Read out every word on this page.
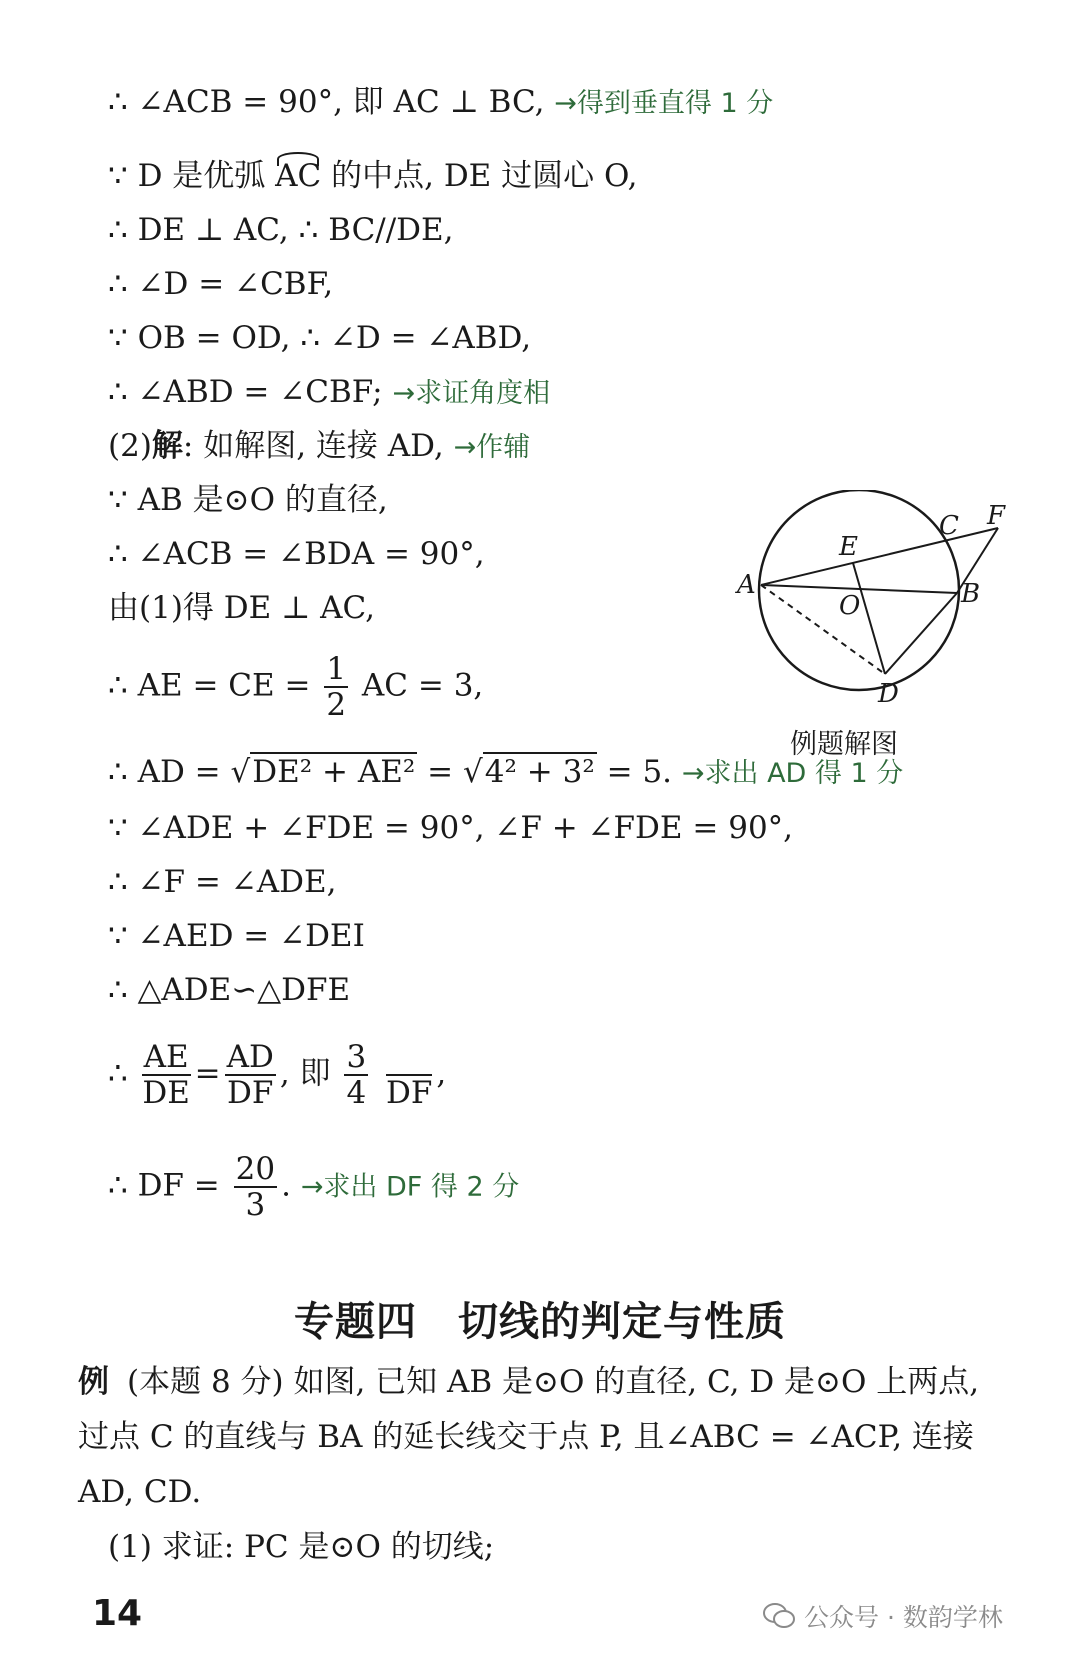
∴ ∠ACB = 90°, 即 AC ⊥ BC, →得到垂直得 1 分
∵ D 是优弧 AC 的中点, DE 过圆心 O,
∴ DE ⊥ AC, ∴ BC//DE,
∴ ∠D = ∠CBF,
∵ OB = OD, ∴ ∠D = ∠ABD,
∴ ∠ABD = ∠CBF; →求证角度相
(2)解: 如解图, 连接 AD, →作辅
∵ AB 是⊙O 的直径,
∴ ∠ACB = ∠BDA = 90°,
由(1)得 DE ⊥ AC,
∴ AE = CE = $\frac{1}{2}$ AC = 3,
∴ AD = √DE² + AE² = √4² + 3² = 5. →求出 AD 得 1 分
∵ ∠ADE + ∠FDE = 90°, ∠F + ∠FDE = 90°,
∴ ∠F = ∠ADE,
∵ ∠AED = ∠DEI
∴ △ADE∽△DFE
∴ $\frac{AE}{DE} = \frac{AD}{DF}$ , 即 $\frac{3}{4}$

DF
,
∴ DF = $\frac{20}{3}$ . →求出 DF 得 2 分
A	B
C
D
E
F
O
例题解图
专题四　切线的判定与性质
例 (本题 8 分) 如图, 已知 AB 是⊙O 的直径, C, D 是⊙O 上两点, 过点 C 的直线与 BA 的延长线交于点 P, 且∠ABC = ∠ACP, 连接 AD, CD.
(1) 求证: PC 是⊙O 的切线;
14	公众号 · 数韵学林
